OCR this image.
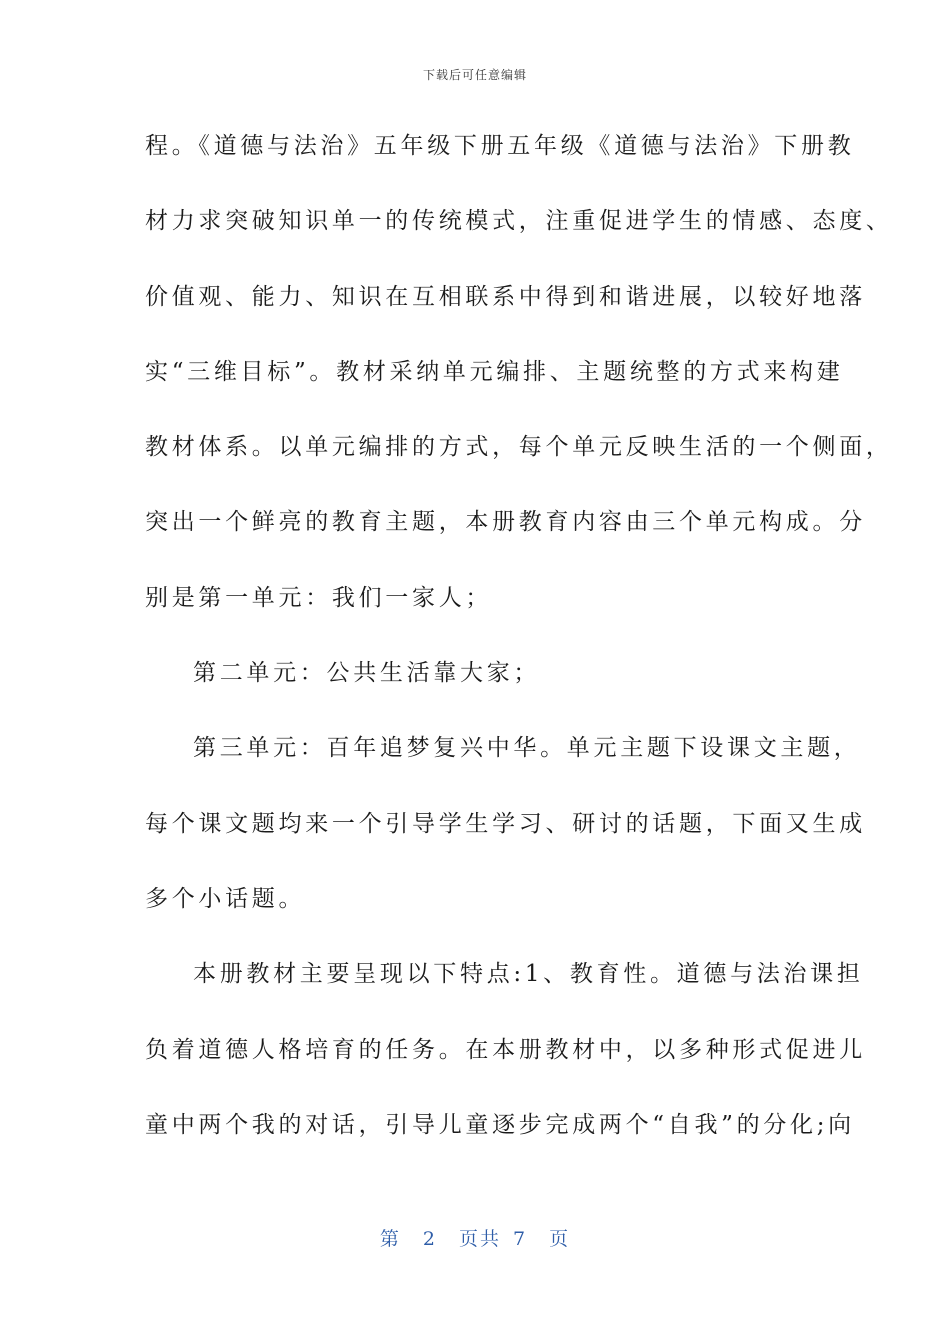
下载后可任意编辑
程。《道德与法治》五年级下册五年级《道德与法治》下册教
材力求突破知识单一的传统模式，注重促进学生的情感、态度、
价值观、能力、知识在互相联系中得到和谐进展，以较好地落
实“三维目标”。教材采纳单元编排、主题统整的方式来构建
教材体系。以单元编排的方式，每个单元反映生活的一个侧面，
突出一个鲜亮的教育主题，本册教育内容由三个单元构成。分
别是第一单元：我们一家人；
第二单元：公共生活靠大家；
第三单元：百年追梦复兴中华。单元主题下设课文主题，
每个课文题均来一个引导学生学习、研讨的话题，下面又生成
多个小话题。
本册教材主要呈现以下特点:1、教育性。道德与法治课担
负着道德人格培育的任务。在本册教材中，以多种形式促进儿
童中两个我的对话，引导儿童逐步完成两个“自我”的分化;向
第 2 页共 7 页
